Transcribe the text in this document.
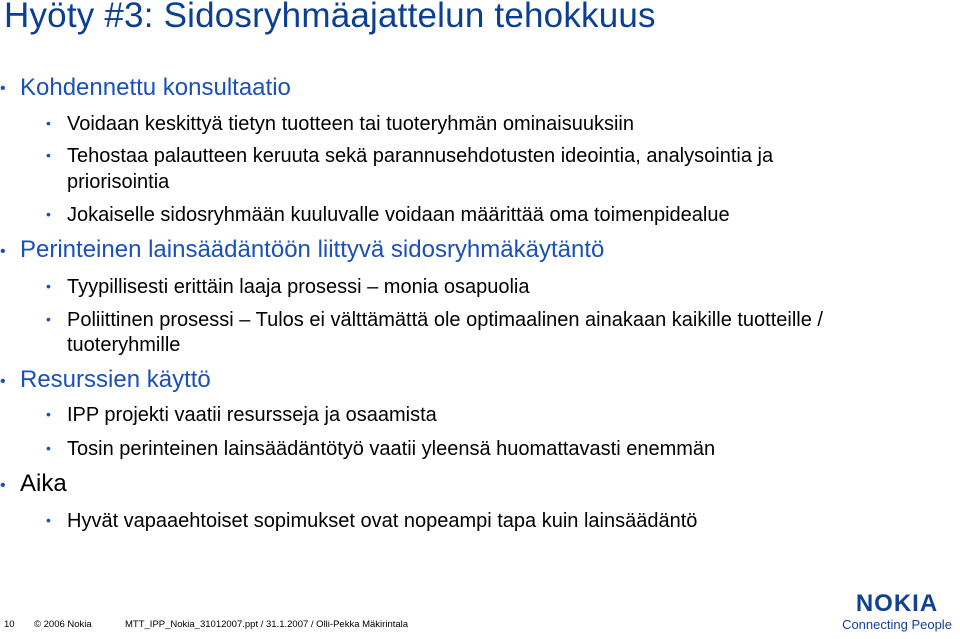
Hyöty #3: Sidosryhmäajattelun tehokkuus
• Kohdennettu konsultaatio
• Voidaan keskittyä tietyn tuotteen tai tuoteryhmän ominaisuuksiin
• Tehostaa palautteen keruuta sekä parannusehdotusten ideointia, analysointia ja
priorisointia
• Jokaiselle sidosryhmään kuuluvalle voidaan määrittää oma toimenpidealue
• Perinteinen lainsäädäntöön liittyvä sidosryhmäkäytäntö
• Tyypillisesti erittäin laaja prosessi – monia osapuolia
• Poliittinen prosessi – Tulos ei välttämättä ole optimaalinen ainakaan kaikille tuotteille /
tuoteryhmille
• Resurssien käyttö
• IPP projekti vaatii resursseja ja osaamista
• Tosin perinteinen lainsäädäntötyö vaatii yleensä huomattavasti enemmän
• Aika
• Hyvät vapaaehtoiset sopimukset ovat nopeampi tapa kuin lainsäädäntö
10 © 2006 Nokia	MTT_IPP_Nokia_31012007.ppt / 31.1.2007 / Olli-Pekka Mäkirintala
NOKIA
Connecting People
